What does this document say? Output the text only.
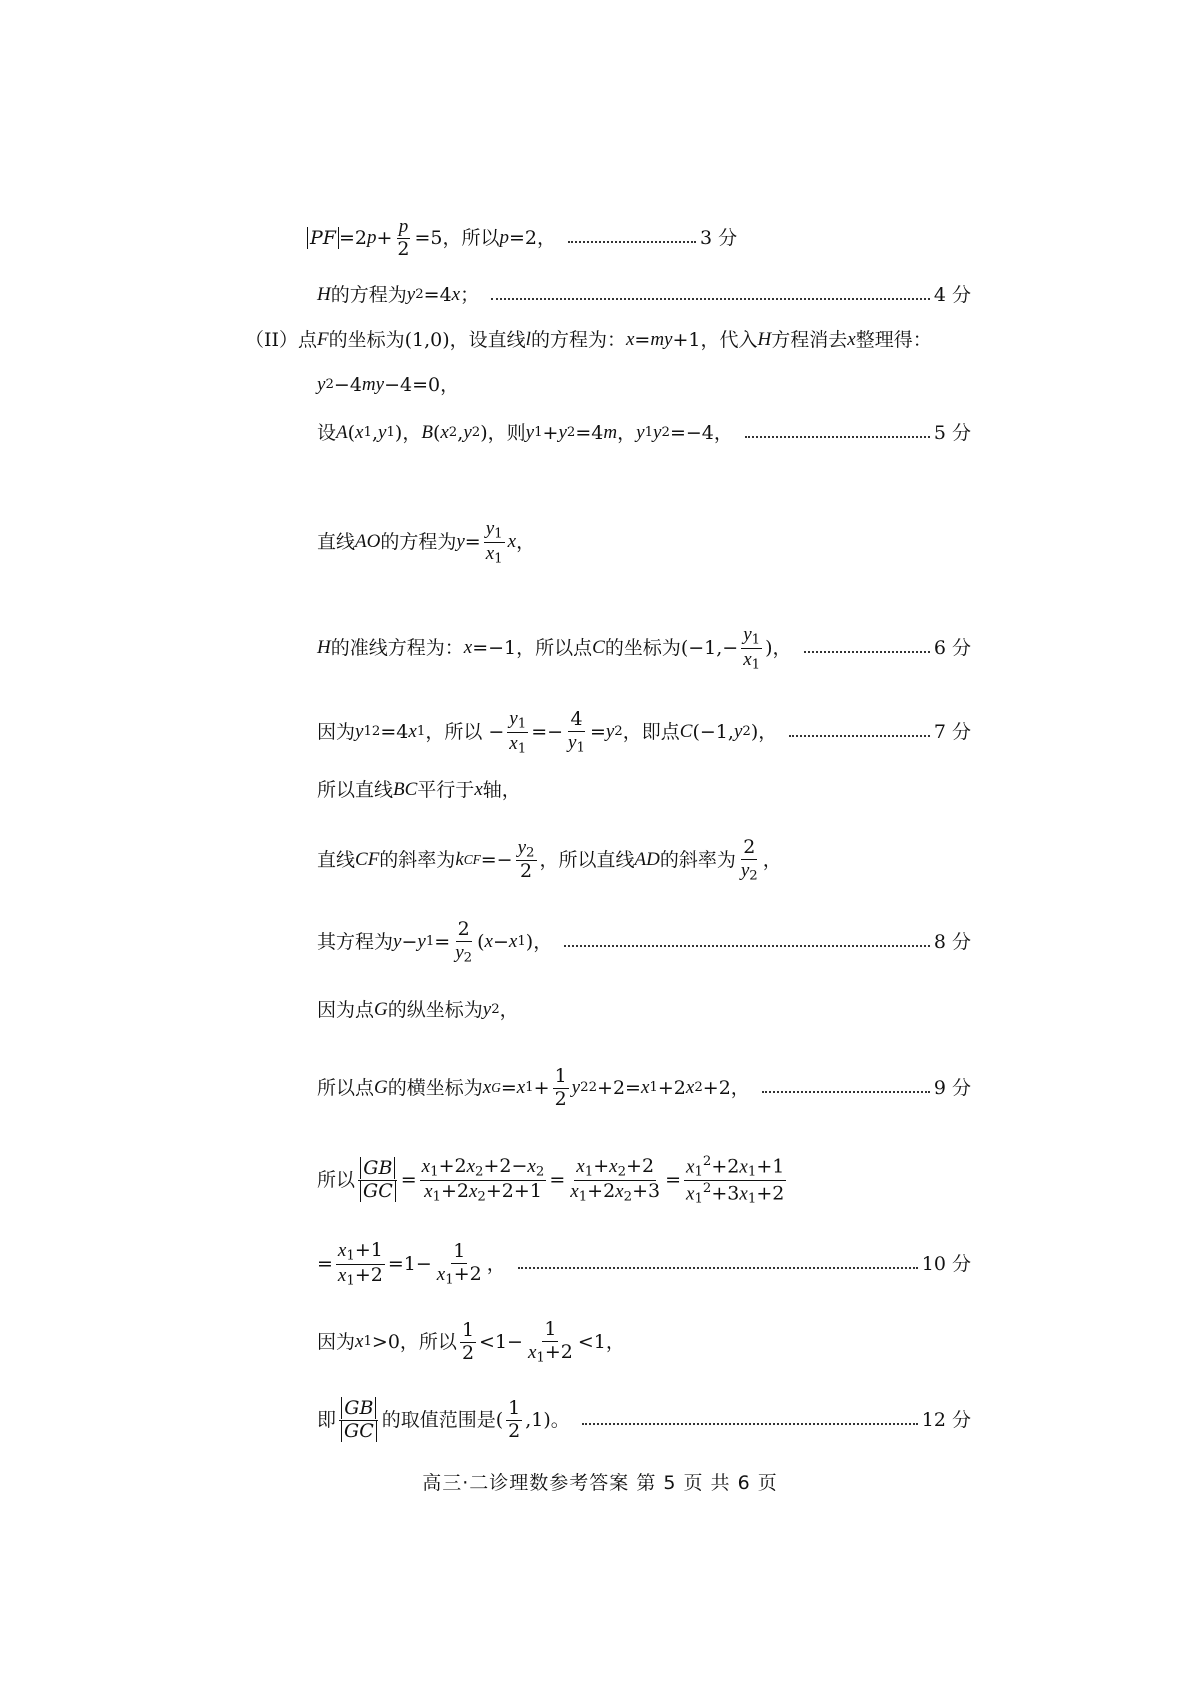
PF =2 $p + \frac{p}{2} =5$，所以 p =2，	3 分
H 的方程为 y 2 =4 x ；	4 分
（II）点 F 的坐标为(1,0)，设直线 l 的方程为： x = my +1，代入 H 方程消去 x 整理得：
y 2 −4 my −4=0，
设 A ( x 1 , y 1 )， B ( x 2 , y 2 )，则 y 1 + y 2 =4 m ， y 1 y 2 =−4，	5 分
直线 AO 的方程为 $y = \frac{y_1}{x_1}$ x ，
H 的准线方程为： x =−1，所以点 C 的坐标为($-1,- \frac{y_1}{x_1}$ )，	6 分
因为 y 1 2 =4 x 1 ，所以 − $\frac{y_1}{x_1} =- \frac{4}{y_1} = y$ 2 ，即点 C (−1, y 2 )，	7 分
所以直线 BC 平行于 x 轴，
直线 CF 的斜率为 k CF =− $\frac{y_2}{2}$ ，所以直线 AD 的斜率为 $\frac{2}{y_2}$ ，
其方程为 y − y $1 = \frac{2}{y_2}$ ( x − x 1 )，	8 分
因为点 G 的纵坐标为 y 2 ，
所以点 G 的横坐标为 x G = x $1 + \frac{1}{2}$ y 2 2 +2= x 1 +2 x 2 +2，	9 分
所以 $\frac{GB}{GC} = \frac{x_1+2x_2+2-x_2}{x_1+2x_2+2+1} = \frac{x_1+x_2+2}{x_1+2x_2+3} = \frac{x_1^2+2x_1+1}{x_1^2+3x_1+2}$
= $\frac{x_1+1}{x_1+2} =1- \frac{1}{x_1+2}$ ，	10 分
因为 x 1 >0，所以 $\frac{1}{2} <1- \frac{1}{x_1+2} <1$，
即 $\frac{GB}{GC}$ 的取值范围是( $\frac{1}{2} ,1$)。	12 分
高三·二诊理数参考答案 第 5 页 共 6 页
